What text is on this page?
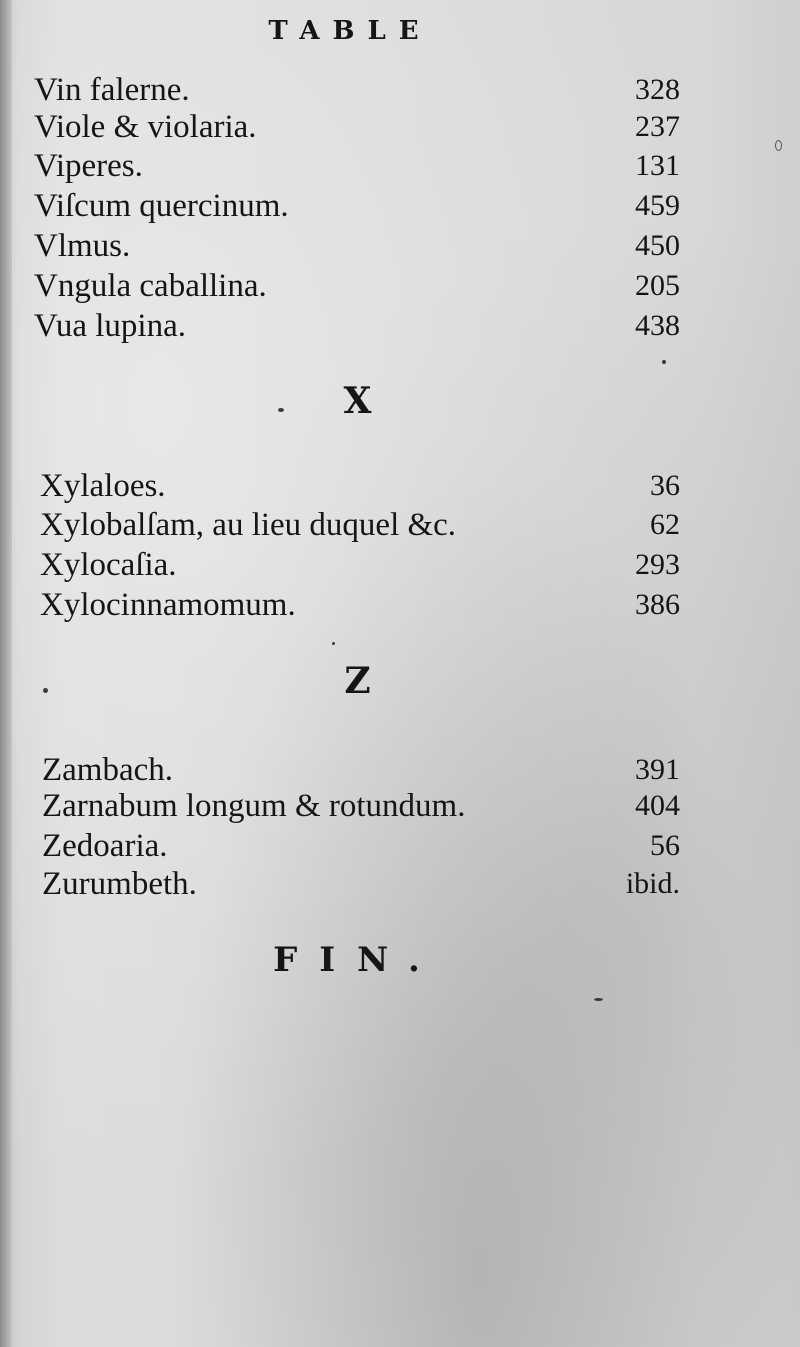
TABLE
Vin falerne.	328
Viole & violaria.	237
Viperes.	131
Viſcum quercinum.	459
Vlmus.	450
Vngula caballina.	205
Vua lupina.	438
X
Xylaloes.	36
Xylobalſam, au lieu duquel &c.	62
Xylocaſia.	293
Xylocinnamomum.	386
Z
Zambach.	391
Zarnabum longum & rotundum.	404
Zedoaria.	56
Zurumbeth.	ibid.
FIN.
